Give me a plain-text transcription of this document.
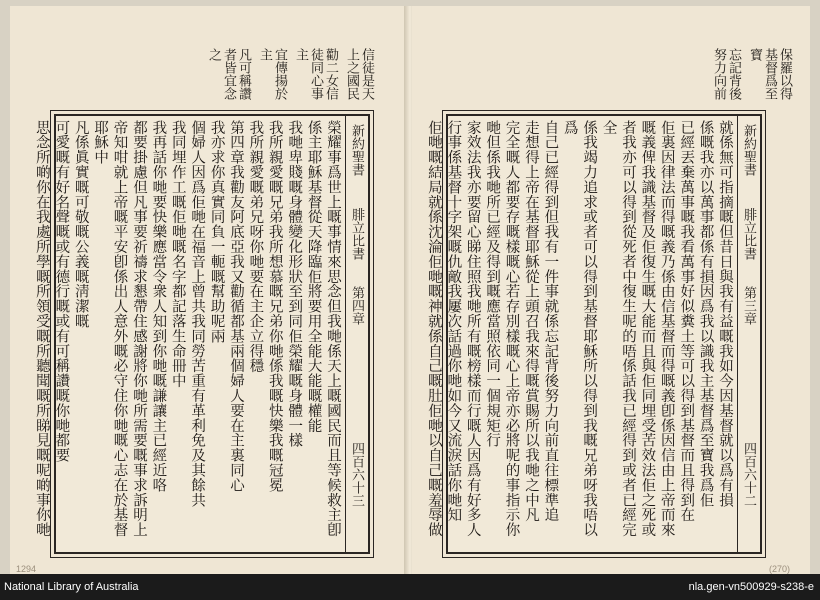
信徒是天
上之國民
勸二女信
徒同心事
主
宜傳揚於
主
凡可稱讚
者皆宜念
之
新約聖書
腓立比書
第四章
四百六十三
榮耀事爲世上嘅事情來思念但我哋係天上嘅國民而且等候救主卽
係主耶穌基督從天降臨佢將要用全能大能嘅權能
我哋卑賤嘅身體變化形狀至到同佢榮耀嘅身體一樣
我所親愛嘅兄弟我所想慕嘅兄弟你哋係我嘅快樂我嘅冠冕
我所親愛嘅弟兄呀你哋要在主企立得穩
第四章我勸友阿底亞我又勸循都基兩個婦人要在主裏同心
我亦求你真實同負一軛嘅幫助呢兩
個婦人因爲佢哋在福音上曾共我同勞苦重有革利免及其餘共
我同埋作工嘅佢哋嘅名字都記落生命冊中
我再話你哋要快樂應當令衆人知到你哋嘅謙讓主已經近咯
都要掛慮但凡事要祈禱求懇帶住感謝將你哋所需要嘅事求訴明上
帝知咁就上帝嘅平安卽係出人意外嘅必守住你哋嘅心志在於基督
耶穌中
凡係眞實嘅可敬嘅公義嘅淸潔嘅
可愛嘅有好名聲嘅或有德行嘅或有可稱讚嘅你哋都要
思念所啲你在我處所學嘅所領受嘅所聽聞嘅所睇見嘅呢啲事你哋
1294
保羅以得
基督爲至
寶
忘記背後
努力向前
新約聖書
腓立比書
第三章
四百六十二
就係無可指摘嘅但昔日與我有益嘅我如今因基督就以爲有損
係嘅我亦以萬事都係有損因爲我以識我主基督爲至寶我爲佢
已經丟棄萬事嘅我看萬事好似糞土等可以得到基督而且得到在
佢裏因律法而得嘅義乃係由信基督而得嘅義卽係因信由上帝而來
嘅義俾我識基督及佢復生嘅大能而且與佢同埋受苦效法佢之死或
者我亦可以得到從死者中復生呢的唔係話我已經得到或者已經完全
係我竭力追求或者可以得到基督耶穌所以得到我嘅兄弟呀我唔以爲
自己已經得到但我有一件事就係忘記背後努力向前直往標準追
走想得上帝在基督耶穌從上頭召我來得嘅賞賜所以我哋之中凡
完全嘅人都要存嘅樣嘅心若存別樣嘅心上帝亦必將呢的事指示你
哋但係我哋所已經及得到嘅應當照依同一個規矩行
家效法我亦要留心睇住照我哋所有嘅榜樣而行嘅人因爲有好多人
行事係基督十字架嘅仇敵我屢次話過你哋如今又流淚話你哋知
佢哋嘅結局就係沈淪佢哋嘅神就係自己嘅肚佢哋以自己嘅羞辱做
(270)
National Library of Australia	nla.gen-vn500929-s238-e
